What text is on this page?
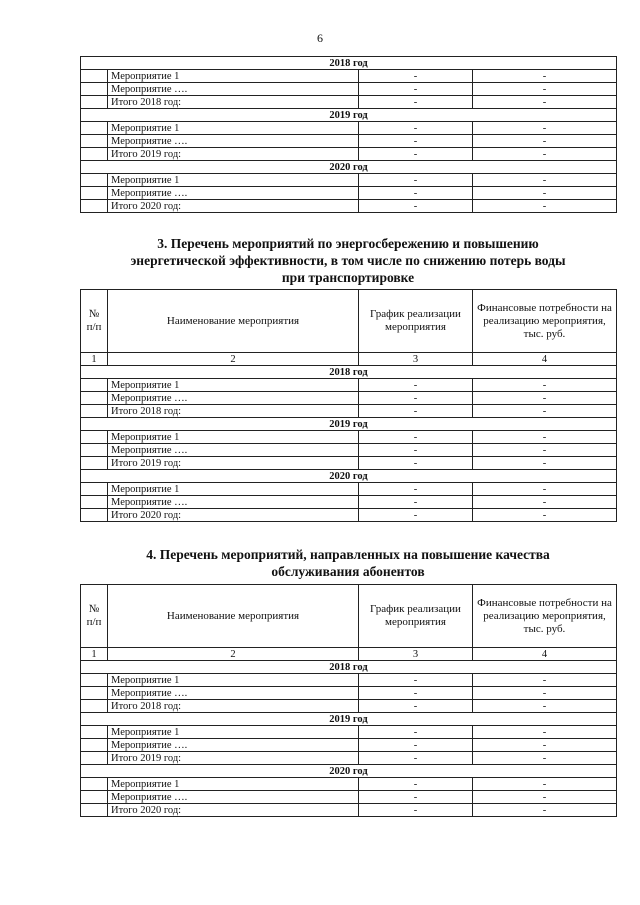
6
2018 год			
	Мероприятие 1	-	-
	Мероприятие ….	-	-
	Итого 2018 год:	-	-
2019 год			
	Мероприятие 1	-	-
	Мероприятие ….	-	-
	Итого 2019 год:	-	-
2020 год			
	Мероприятие 1	-	-
	Мероприятие ….	-	-
	Итого 2020 год:	-	-
3. Перечень мероприятий по энергосбережению и повышению
энергетической эффективности, в том числе по снижению потерь воды
при транспортировке
№ п/п	Наименование мероприятия	График реализации мероприятия	Финансовые потребности на реализацию мероприятия, тыс. руб.
1	2	3	4
2018 год			
	Мероприятие 1	-	-
	Мероприятие ….	-	-
	Итого 2018 год:	-	-
2019 год			
	Мероприятие 1	-	-
	Мероприятие ….	-	-
	Итого 2019 год:	-	-
2020 год			
	Мероприятие 1	-	-
	Мероприятие ….	-	-
	Итого 2020 год:	-	-
4. Перечень мероприятий, направленных на повышение качества
обслуживания абонентов
№ п/п	Наименование мероприятия	График реализации мероприятия	Финансовые потребности на реализацию мероприятия, тыс. руб.
1	2	3	4
2018 год			
	Мероприятие 1	-	-
	Мероприятие ….	-	-
	Итого 2018 год:	-	-
2019 год			
	Мероприятие 1	-	-
	Мероприятие ….	-	-
	Итого 2019 год:	-	-
2020 год			
	Мероприятие 1	-	-
	Мероприятие ….	-	-
	Итого 2020 год:	-	-
